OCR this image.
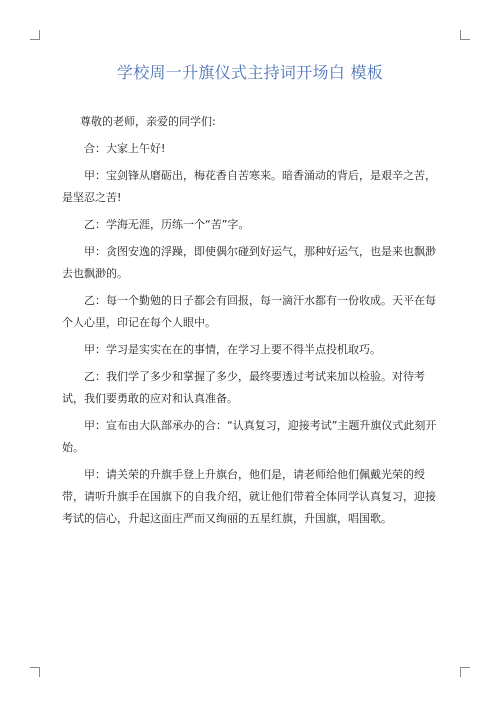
学校周一升旗仪式主持词开场白 模板

尊敬的老师，亲爱的同学们:

合：大家上午好!

甲：宝剑锋从磨砺出，梅花香自苦寒来。暗香涌动的背后，是艰辛之苦，是坚忍之苦!

乙：学海无涯，历练一个“苦”字。

甲：贪图安逸的浮躁，即使偶尔碰到好运气，那种好运气，也是来也飘渺去也飘渺的。

乙：每一个勤勉的日子都会有回报，每一滴汗水都有一份收成。天平在每个人心里，印记在每个人眼中。

甲：学习是实实在在的事情，在学习上要不得半点投机取巧。

乙：我们学了多少和掌握了多少，最终要透过考试来加以检验。对待考试，我们要勇敢的应对和认真准备。

甲：宣布由大队部承办的合：“认真复习，迎接考试”主题升旗仪式此刻开始。

甲：请关荣的升旗手登上升旗台，他们是，请老师给他们佩戴光荣的绶带，请听升旗手在国旗下的自我介绍，就让他们带着全体同学认真复习，迎接考试的信心，升起这面庄严而又绚丽的五星红旗，升国旗，唱国歌。
